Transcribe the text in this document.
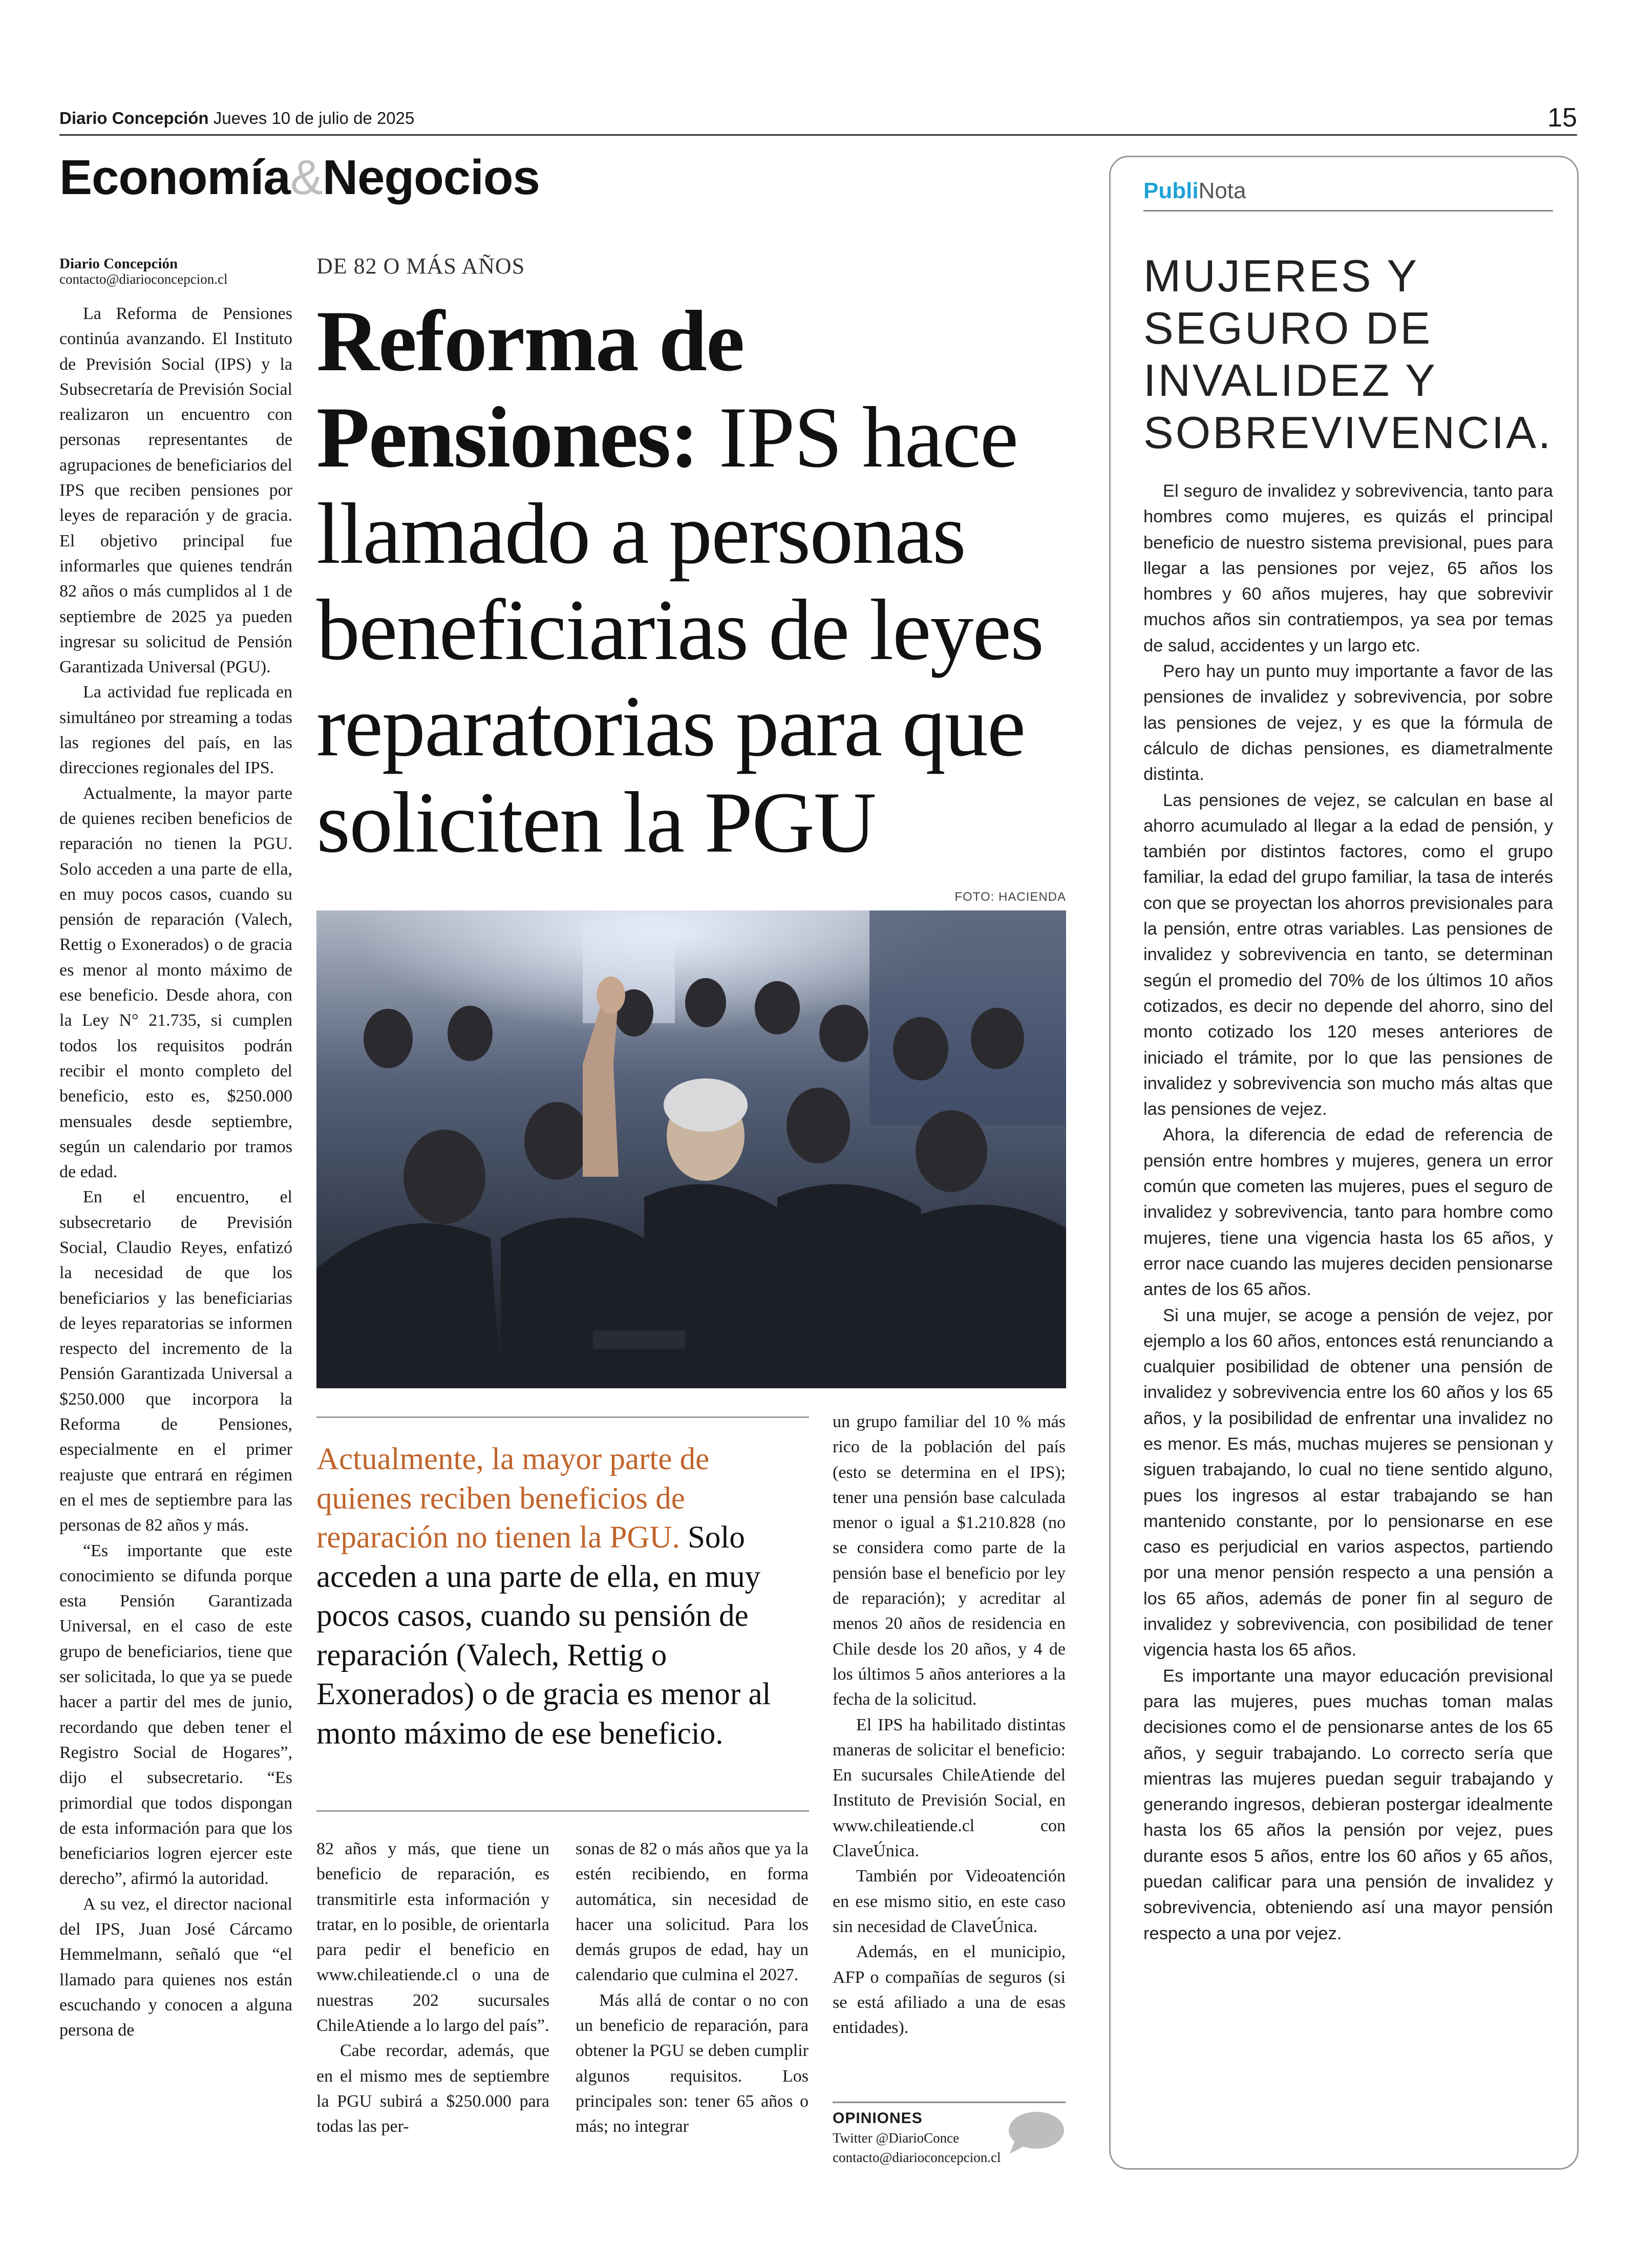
Diario Concepción Jueves 10 de julio de 2025	15
Economía&Negocios
Diario Concepción
contacto@diarioconcepcion.cl

La Reforma de Pensiones continúa avanzando. El Instituto de Previsión Social (IPS) y la Subsecretaría de Previsión Social realizaron un encuentro con personas representantes de agrupaciones de beneficiarios del IPS que reciben pensiones por leyes de reparación y de gracia. El objetivo principal fue informarles que quienes tendrán 82 años o más cumplidos al 1 de septiembre de 2025 ya pueden ingresar su solicitud de Pensión Garantizada Universal (PGU).

La actividad fue replicada en simultáneo por streaming a todas las regiones del país, en las direcciones regionales del IPS.

Actualmente, la mayor parte de quienes reciben beneficios de reparación no tienen la PGU. Solo acceden a una parte de ella, en muy pocos casos, cuando su pensión de reparación (Valech, Rettig o Exonerados) o de gracia es menor al monto máximo de ese beneficio. Desde ahora, con la Ley N° 21.735, si cumplen todos los requisitos podrán recibir el monto completo del beneficio, esto es, $250.000 mensuales desde septiembre, según un calendario por tramos de edad.

En el encuentro, el subsecretario de Previsión Social, Claudio Reyes, enfatizó la necesidad de que los beneficiarios y las beneficiarias de leyes reparatorias se informen respecto del incremento de la Pensión Garantizada Universal a $250.000 que incorpora la Reforma de Pensiones, especialmente en el primer reajuste que entrará en régimen en el mes de septiembre para las personas de 82 años y más.

“Es importante que este conocimiento se difunda porque esta Pensión Garantizada Universal, en el caso de este grupo de beneficiarios, tiene que ser solicitada, lo que ya se puede hacer a partir del mes de junio, recordando que deben tener el Registro Social de Hogares”, dijo el subsecretario. “Es primordial que todos dispongan de esta información para que los beneficiarios logren ejercer este derecho”, afirmó la autoridad.

A su vez, el director nacional del IPS, Juan José Cárcamo Hemmelmann, señaló que “el llamado para quienes nos están escuchando y conocen a alguna persona de

DE 82 O MÁS AÑOS
Reforma de Pensiones: IPS hace llamado a personas beneficiarias de leyes reparatorias para que soliciten la PGU
FOTO: HACIENDA
Actualmente, la mayor parte de quienes reciben beneficios de reparación no tienen la PGU. Solo acceden a una parte de ella, en muy pocos casos, cuando su pensión de reparación (Valech, Rettig o Exonerados) o de gracia es menor al monto máximo de ese beneficio.

82 años y más, que tiene un beneficio de reparación, es transmitirle esta información y tratar, en lo posible, de orientarla para pedir el beneficio en www.chileatiende.cl o una de nuestras 202 sucursales ChileAtiende a lo largo del país”.

Cabe recordar, además, que en el mismo mes de septiembre la PGU subirá a $250.000 para todas las per-

sonas de 82 o más años que ya la estén recibiendo, en forma automática, sin necesidad de hacer una solicitud. Para los demás grupos de edad, hay un calendario que culmina el 2027.

Más allá de contar o no con un beneficio de reparación, para obtener la PGU se deben cumplir algunos requisitos. Los principales son: tener 65 años o más; no integrar

un grupo familiar del 10 % más rico de la población del país (esto se determina en el IPS); tener una pensión base calculada menor o igual a $1.210.828 (no se considera como parte de la pensión base el beneficio por ley de reparación); y acreditar al menos 20 años de residencia en Chile desde los 20 años, y 4 de los últimos 5 años anteriores a la fecha de la solicitud.

El IPS ha habilitado distintas maneras de solicitar el beneficio: En sucursales ChileAtiende del Instituto de Previsión Social, en www.chileatiende.cl con ClaveÚnica.

También por Videoatención en ese mismo sitio, en este caso sin necesidad de ClaveÚnica.

Además, en el municipio, AFP o compañías de seguros (si se está afiliado a una de esas entidades).

OPINIONES
Twitter @DiarioConce
contacto@diarioconcepcion.cl
PubliNota
MUJERES Y SEGURO DE INVALIDEZ Y SOBREVIVENCIA.

El seguro de invalidez y sobrevivencia, tanto para hombres como mujeres, es quizás el principal beneficio de nuestro sistema previsional, pues para llegar a las pensiones por vejez, 65 años los hombres y 60 años mujeres, hay que sobrevivir muchos años sin contratiempos, ya sea por temas de salud, accidentes y un largo etc.

Pero hay un punto muy importante a favor de las pensiones de invalidez y sobrevivencia, por sobre las pensiones de vejez, y es que la fórmula de cálculo de dichas pensiones, es diametralmente distinta.

Las pensiones de vejez, se calculan en base al ahorro acumulado al llegar a la edad de pensión, y también por distintos factores, como el grupo familiar, la edad del grupo familiar, la tasa de interés con que se proyectan los ahorros previsionales para la pensión, entre otras variables. Las pensiones de invalidez y sobrevivencia en tanto, se determinan según el promedio del 70% de los últimos 10 años cotizados, es decir no depende del ahorro, sino del monto cotizado los 120 meses anteriores de iniciado el trámite, por lo que las pensiones de invalidez y sobrevivencia son mucho más altas que las pensiones de vejez.

Ahora, la diferencia de edad de referencia de pensión entre hombres y mujeres, genera un error común que cometen las mujeres, pues el seguro de invalidez y sobrevivencia, tanto para hombre como mujeres, tiene una vigencia hasta los 65 años, y error nace cuando las mujeres deciden pensionarse antes de los 65 años.

Si una mujer, se acoge a pensión de vejez, por ejemplo a los 60 años, entonces está renunciando a cualquier posibilidad de obtener una pensión de invalidez y sobrevivencia entre los 60 años y los 65 años, y la posibilidad de enfrentar una invalidez no es menor. Es más, muchas mujeres se pensionan y siguen trabajando, lo cual no tiene sentido alguno, pues los ingresos al estar trabajando se han mantenido constante, por lo pensionarse en ese caso es perjudicial en varios aspectos, partiendo por una menor pensión respecto a una pensión a los 65 años, además de poner fin al seguro de invalidez y sobrevivencia, con posibilidad de tener vigencia hasta los 65 años.

Es importante una mayor educación previsional para las mujeres, pues muchas toman malas decisiones como el de pensionarse antes de los 65 años, y seguir trabajando. Lo correcto sería que mientras las mujeres puedan seguir trabajando y generando ingresos, debieran postergar idealmente hasta los 65 años la pensión por vejez, pues durante esos 5 años, entre los 60 años y 65 años, puedan calificar para una pensión de invalidez y sobrevivencia, obteniendo así una mayor pensión respecto a una por vejez.
